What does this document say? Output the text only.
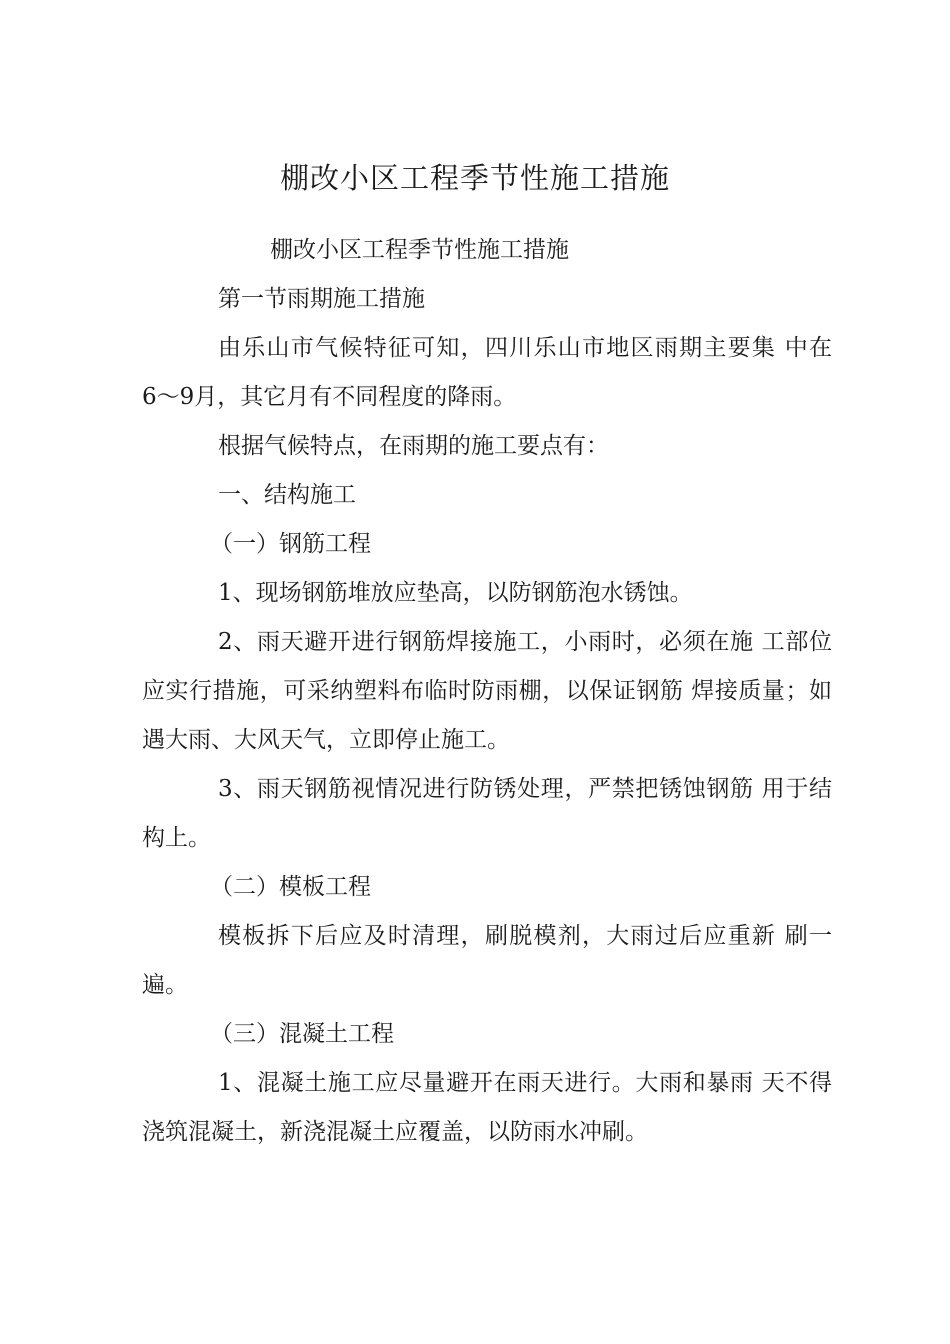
棚改小区工程季节性施工措施

棚改小区工程季节性施工措施

第一节雨期施工措施

由乐山市气候特征可知，四川乐山市地区雨期主要集 中在6〜9月，其它月有不同程度的降雨。

根据气候特点，在雨期的施工要点有：

一、结构施工

（一）钢筋工程

1、现场钢筋堆放应垫高，以防钢筋泡水锈蚀。

2、雨天避开进行钢筋焊接施工，小雨时，必须在施 工部位应实行措施，可采纳塑料布临时防雨棚，以保证钢筋 焊接质量；如遇大雨、大风天气，立即停止施工。

3、雨天钢筋视情况进行防锈处理，严禁把锈蚀钢筋 用于结构上。

（二）模板工程

模板拆下后应及时清理，刷脱模剂，大雨过后应重新 刷一遍。

（三）混凝土工程

1、混凝土施工应尽量避开在雨天进行。大雨和暴雨 天不得浇筑混凝土，新浇混凝土应覆盖，以防雨水冲刷。
